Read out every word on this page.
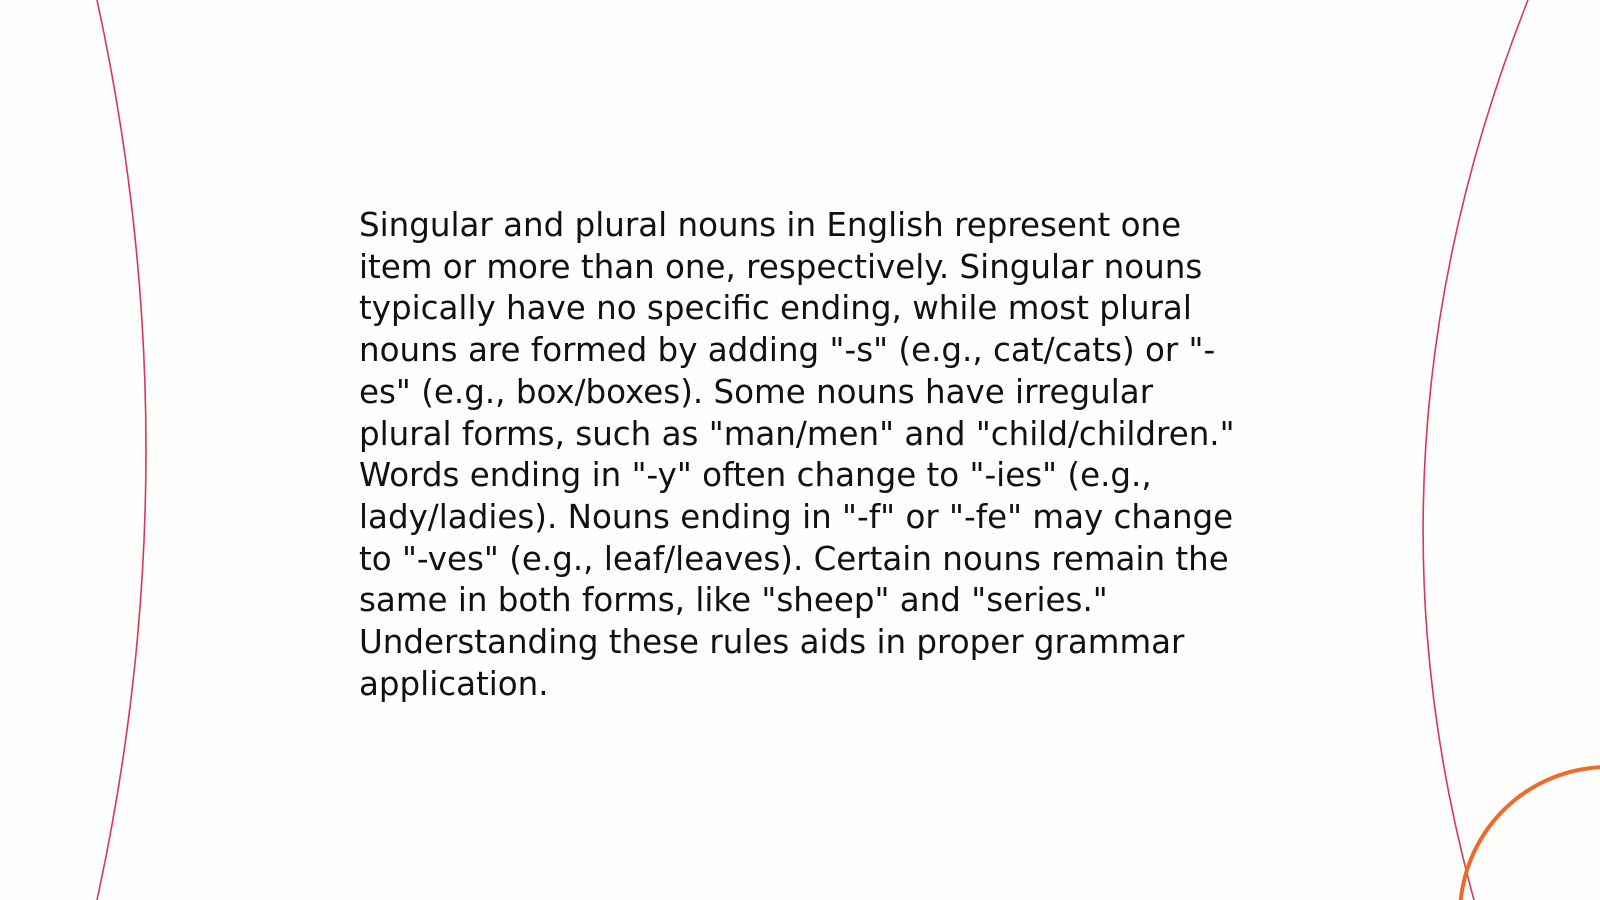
Singular and plural nouns in English represent one item or more than one, respectively. Singular nouns typically have no specific ending, while most plural nouns are formed by adding "-s" (e.g., cat/cats) or "-es" (e.g., box/boxes). Some nouns have irregular plural forms, such as "man/men" and "child/children." Words ending in "-y" often change to "-ies" (e.g., lady/ladies). Nouns ending in "-f" or "-fe" may change to "-ves" (e.g., leaf/leaves). Certain nouns remain the same in both forms, like "sheep" and "series." Understanding these rules aids in proper grammar application.
